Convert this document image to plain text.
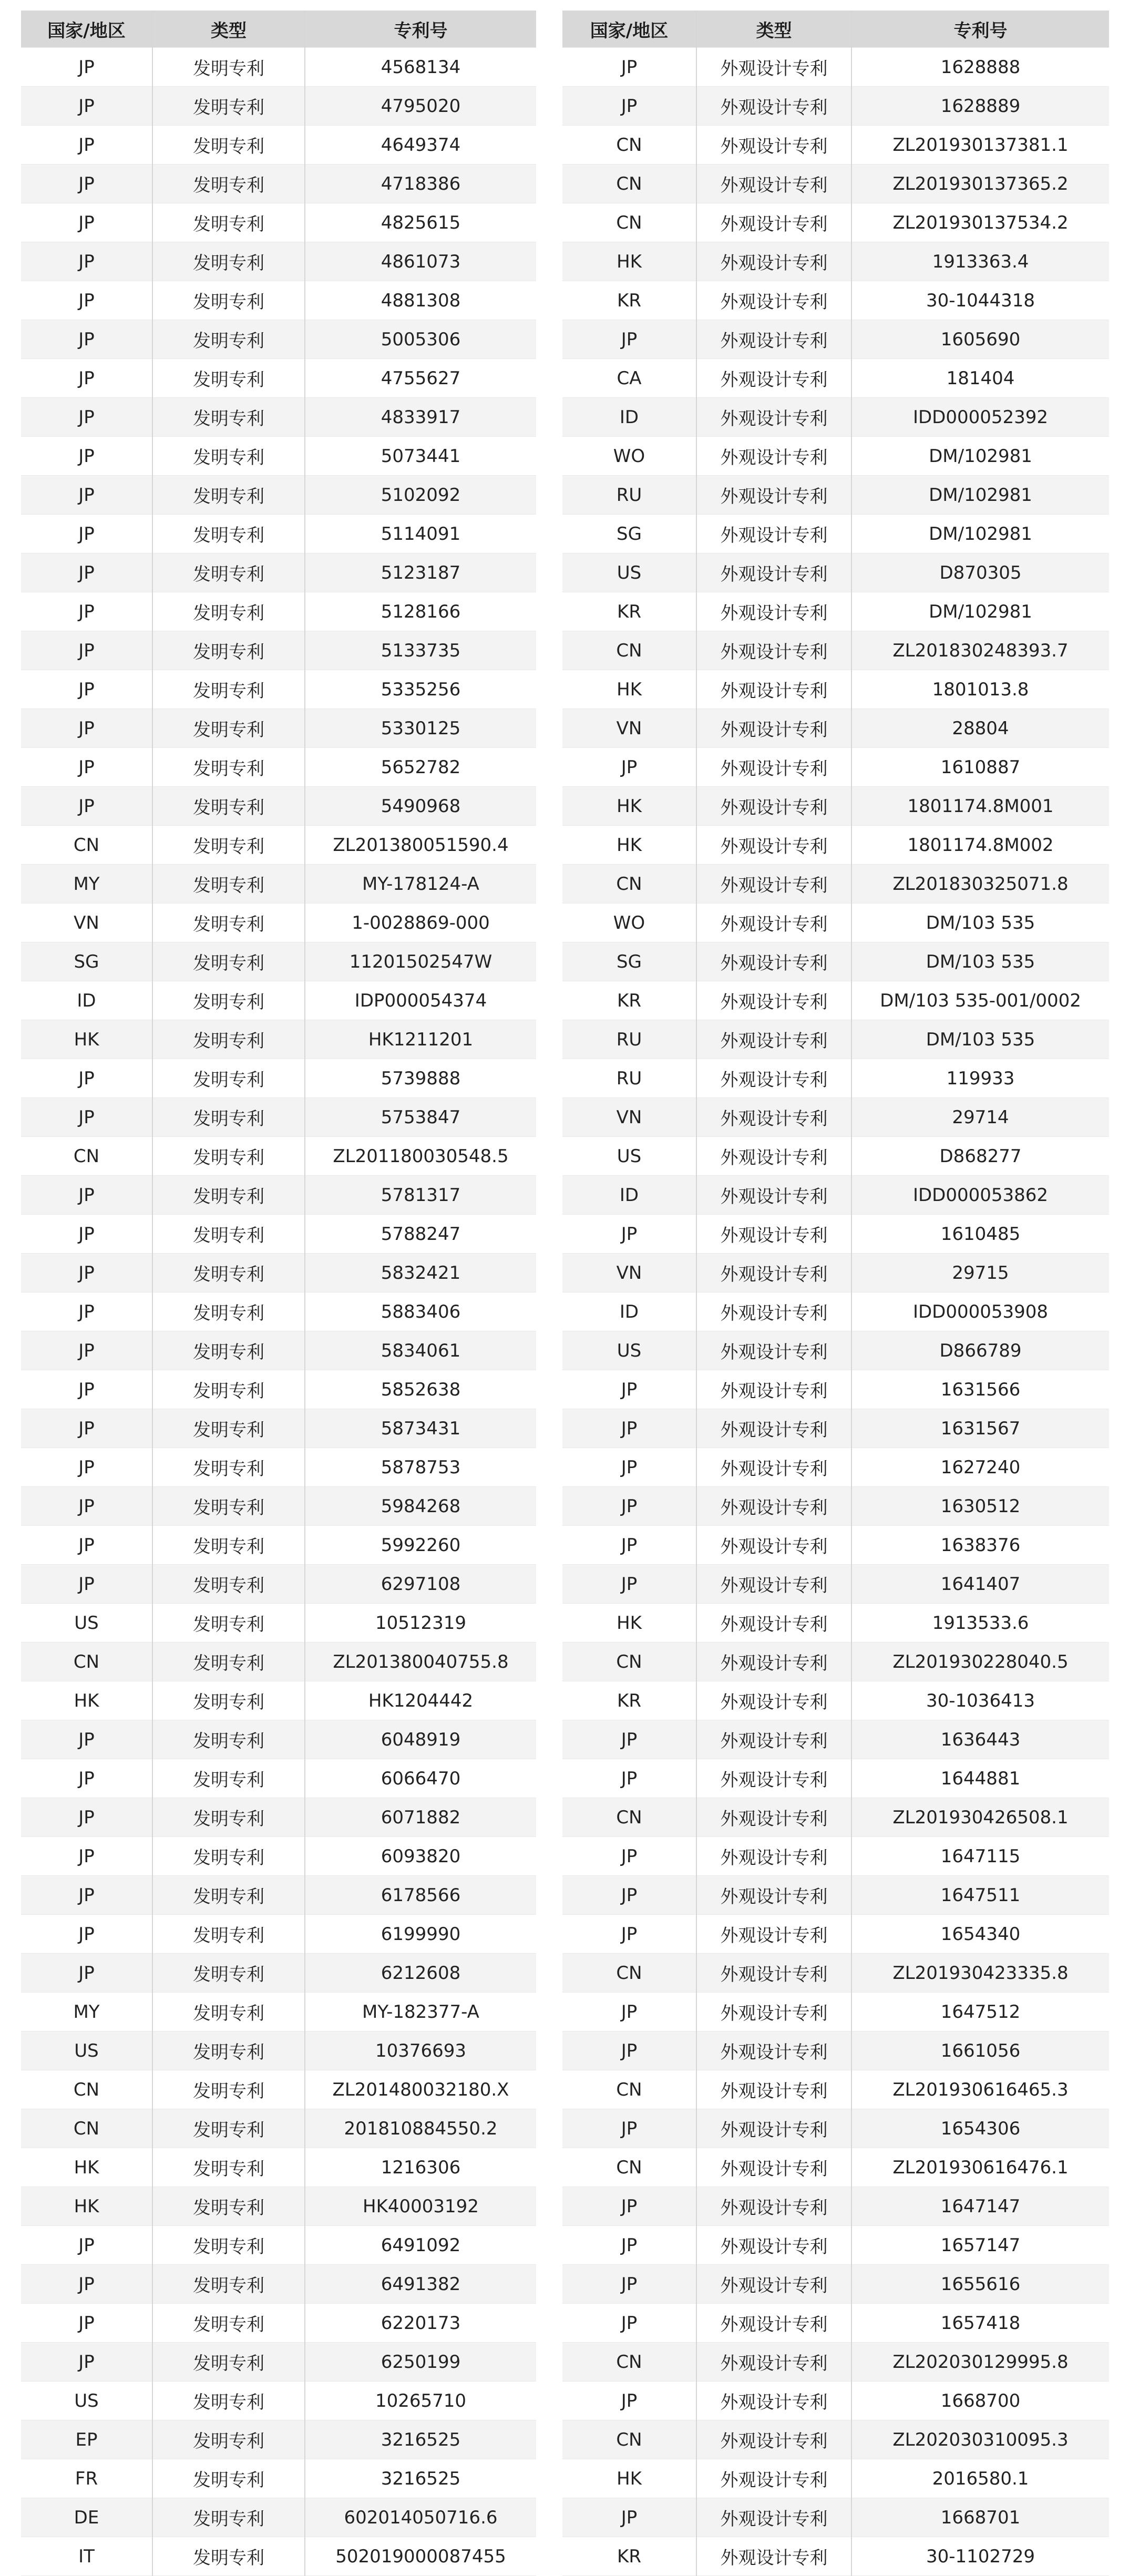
国家/地区	类型	专利号
JP	发明专利	4568134
JP	发明专利	4795020
JP	发明专利	4649374
JP	发明专利	4718386
JP	发明专利	4825615
JP	发明专利	4861073
JP	发明专利	4881308
JP	发明专利	5005306
JP	发明专利	4755627
JP	发明专利	4833917
JP	发明专利	5073441
JP	发明专利	5102092
JP	发明专利	5114091
JP	发明专利	5123187
JP	发明专利	5128166
JP	发明专利	5133735
JP	发明专利	5335256
JP	发明专利	5330125
JP	发明专利	5652782
JP	发明专利	5490968
CN	发明专利	ZL201380051590.4
MY	发明专利	MY-178124-A
VN	发明专利	1-0028869-000
SG	发明专利	11201502547W
ID	发明专利	IDP000054374
HK	发明专利	HK1211201
JP	发明专利	5739888
JP	发明专利	5753847
CN	发明专利	ZL201180030548.5
JP	发明专利	5781317
JP	发明专利	5788247
JP	发明专利	5832421
JP	发明专利	5883406
JP	发明专利	5834061
JP	发明专利	5852638
JP	发明专利	5873431
JP	发明专利	5878753
JP	发明专利	5984268
JP	发明专利	5992260
JP	发明专利	6297108
US	发明专利	10512319
CN	发明专利	ZL201380040755.8
HK	发明专利	HK1204442
JP	发明专利	6048919
JP	发明专利	6066470
JP	发明专利	6071882
JP	发明专利	6093820
JP	发明专利	6178566
JP	发明专利	6199990
JP	发明专利	6212608
MY	发明专利	MY-182377-A
US	发明专利	10376693
CN	发明专利	ZL201480032180.X
CN	发明专利	201810884550.2
HK	发明专利	1216306
HK	发明专利	HK40003192
JP	发明专利	6491092
JP	发明专利	6491382
JP	发明专利	6220173
JP	发明专利	6250199
US	发明专利	10265710
EP	发明专利	3216525
FR	发明专利	3216525
DE	发明专利	602014050716.6
IT	发明专利	502019000087455
国家/地区	类型	专利号
JP	外观设计专利	1628888
JP	外观设计专利	1628889
CN	外观设计专利	ZL201930137381.1
CN	外观设计专利	ZL201930137365.2
CN	外观设计专利	ZL201930137534.2
HK	外观设计专利	1913363.4
KR	外观设计专利	30-1044318
JP	外观设计专利	1605690
CA	外观设计专利	181404
ID	外观设计专利	IDD000052392
WO	外观设计专利	DM/102981
RU	外观设计专利	DM/102981
SG	外观设计专利	DM/102981
US	外观设计专利	D870305
KR	外观设计专利	DM/102981
CN	外观设计专利	ZL201830248393.7
HK	外观设计专利	1801013.8
VN	外观设计专利	28804
JP	外观设计专利	1610887
HK	外观设计专利	1801174.8M001
HK	外观设计专利	1801174.8M002
CN	外观设计专利	ZL201830325071.8
WO	外观设计专利	DM/103 535
SG	外观设计专利	DM/103 535
KR	外观设计专利	DM/103 535-001/0002
RU	外观设计专利	DM/103 535
RU	外观设计专利	119933
VN	外观设计专利	29714
US	外观设计专利	D868277
ID	外观设计专利	IDD000053862
JP	外观设计专利	1610485
VN	外观设计专利	29715
ID	外观设计专利	IDD000053908
US	外观设计专利	D866789
JP	外观设计专利	1631566
JP	外观设计专利	1631567
JP	外观设计专利	1627240
JP	外观设计专利	1630512
JP	外观设计专利	1638376
JP	外观设计专利	1641407
HK	外观设计专利	1913533.6
CN	外观设计专利	ZL201930228040.5
KR	外观设计专利	30-1036413
JP	外观设计专利	1636443
JP	外观设计专利	1644881
CN	外观设计专利	ZL201930426508.1
JP	外观设计专利	1647115
JP	外观设计专利	1647511
JP	外观设计专利	1654340
CN	外观设计专利	ZL201930423335.8
JP	外观设计专利	1647512
JP	外观设计专利	1661056
CN	外观设计专利	ZL201930616465.3
JP	外观设计专利	1654306
CN	外观设计专利	ZL201930616476.1
JP	外观设计专利	1647147
JP	外观设计专利	1657147
JP	外观设计专利	1655616
JP	外观设计专利	1657418
CN	外观设计专利	ZL202030129995.8
JP	外观设计专利	1668700
CN	外观设计专利	ZL202030310095.3
HK	外观设计专利	2016580.1
JP	外观设计专利	1668701
KR	外观设计专利	30-1102729
